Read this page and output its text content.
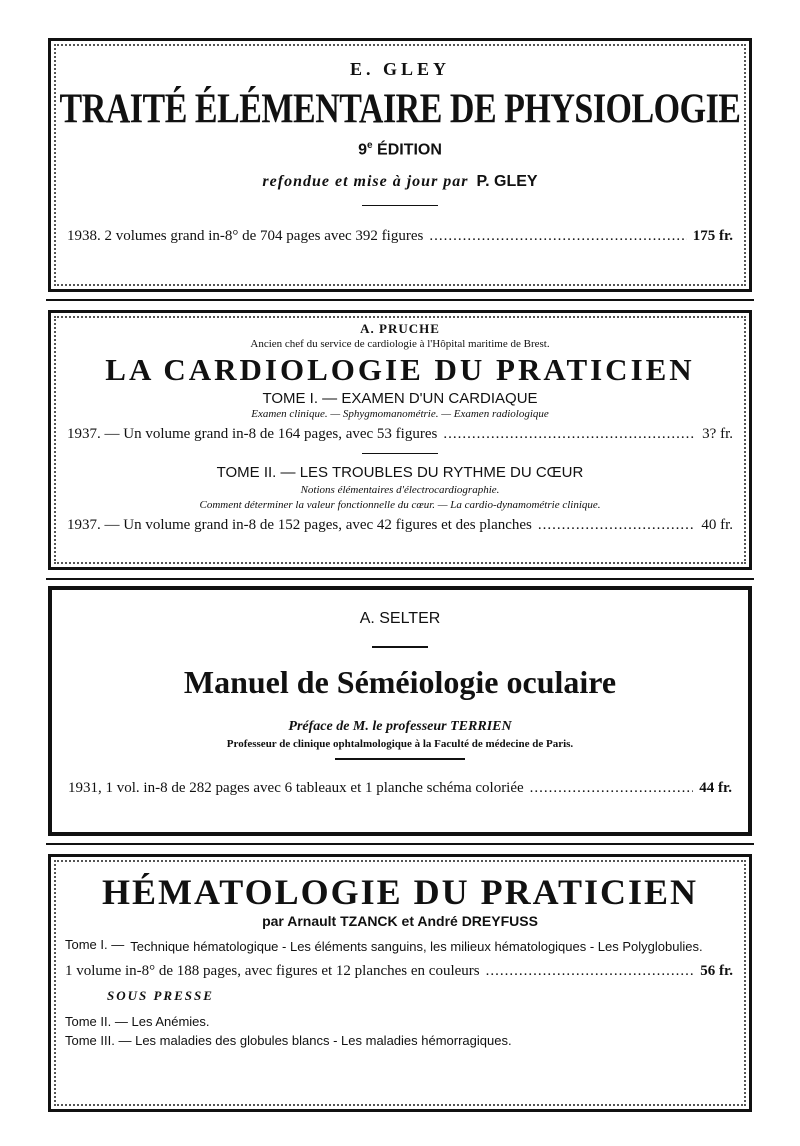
E. GLEY
TRAITÉ ÉLÉMENTAIRE DE PHYSIOLOGIE
9e ÉDITION
refondue et mise à jour par P. GLEY
1938. 2 volumes grand in-8° de 704 pages avec 392 figures .....	175 fr.
A. PRUCHE
Ancien chef du service de cardiologie à l'Hôpital maritime de Brest.
LA CARDIOLOGIE DU PRATICIEN
TOME I. — EXAMEN D'UN CARDIAQUE
Examen clinique. — Sphygmomanométrie. — Examen radiologique
1937. — Un volume grand in-8 de 164 pages, avec 53 figures .....	3? fr.
TOME II. — LES TROUBLES DU RYTHME DU CŒUR
Notions élémentaires d'électrocardiographie.
Comment déterminer la valeur fonctionnelle du cœur. — La cardio-dynamométrie clinique.
1937. — Un volume grand in-8 de 152 pages, avec 42 figures et des planches .....	40 fr.
A. SELTER
Manuel de Séméiologie oculaire
Préface de M. le professeur TERRIEN
Professeur de clinique ophtalmologique à la Faculté de médecine de Paris.
1931, 1 vol. in-8 de 282 pages avec 6 tableaux et 1 planche schéma coloriée .....	44 fr.
HÉMATOLOGIE DU PRATICIEN
par Arnault TZANCK et André DREYFUSS
Tome I. — Technique hématologique - Les éléments sanguins, les milieux hématologiques - Les Polyglobulies.
1 volume in-8° de 188 pages, avec figures et 12 planches en couleurs .....	56 fr.
SOUS PRESSE
Tome II. — Les Anémies.
Tome III. — Les maladies des globules blancs - Les maladies hémorragiques.
